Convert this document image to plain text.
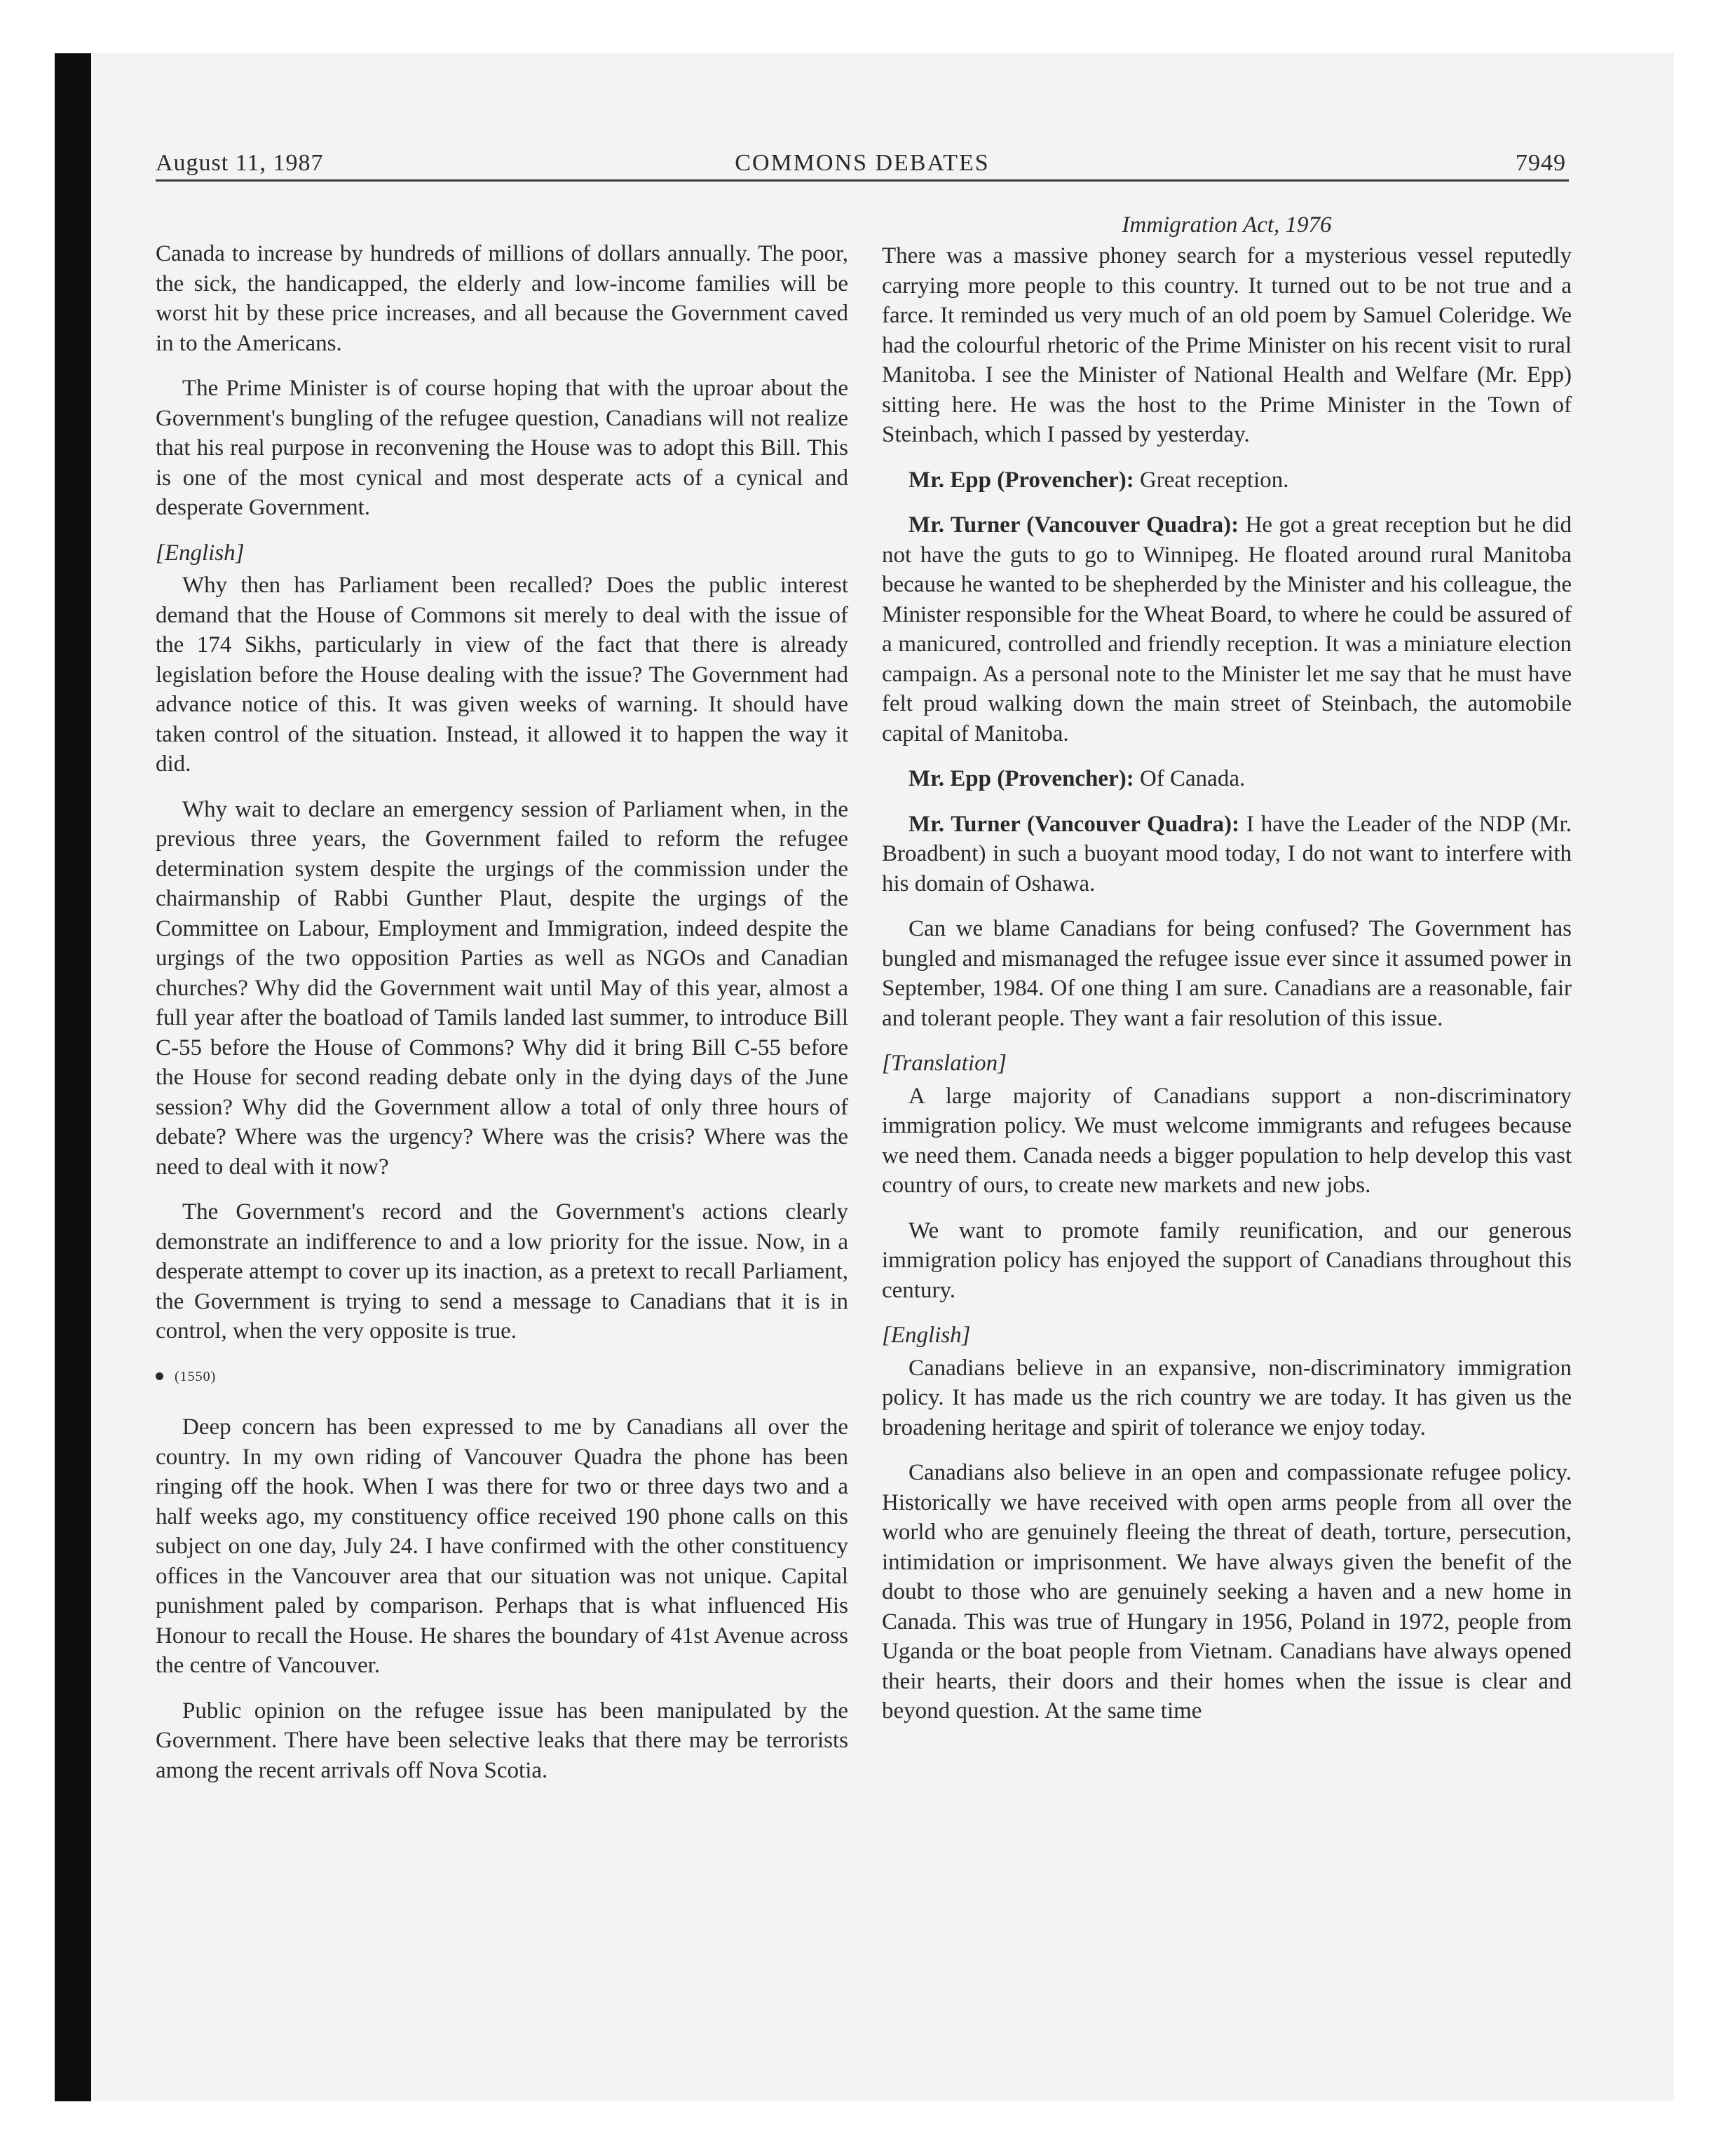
August 11, 1987	COMMONS DEBATES	7949

Canada to increase by hundreds of millions of dollars annually. The poor, the sick, the handicapped, the elderly and low-income families will be worst hit by these price increases, and all because the Government caved in to the Americans.

The Prime Minister is of course hoping that with the uproar about the Government's bungling of the refugee question, Canadians will not realize that his real purpose in reconvening the House was to adopt this Bill. This is one of the most cynical and most desperate acts of a cynical and desperate Government.

[English]

Why then has Parliament been recalled? Does the public interest demand that the House of Commons sit merely to deal with the issue of the 174 Sikhs, particularly in view of the fact that there is already legislation before the House dealing with the issue? The Government had advance notice of this. It was given weeks of warning. It should have taken control of the situation. Instead, it allowed it to happen the way it did.

Why wait to declare an emergency session of Parliament when, in the previous three years, the Government failed to reform the refugee determination system despite the urgings of the commission under the chairmanship of Rabbi Gunther Plaut, despite the urgings of the Committee on Labour, Employment and Immigration, indeed despite the urgings of the two opposition Parties as well as NGOs and Canadian churches? Why did the Government wait until May of this year, almost a full year after the boatload of Tamils landed last summer, to introduce Bill C-55 before the House of Commons? Why did it bring Bill C-55 before the House for second reading debate only in the dying days of the June session? Why did the Government allow a total of only three hours of debate? Where was the urgency? Where was the crisis? Where was the need to deal with it now?

The Government's record and the Government's actions clearly demonstrate an indifference to and a low priority for the issue. Now, in a desperate attempt to cover up its inaction, as a pretext to recall Parliament, the Government is trying to send a message to Canadians that it is in control, when the very opposite is true.

(1550)

Deep concern has been expressed to me by Canadians all over the country. In my own riding of Vancouver Quadra the phone has been ringing off the hook. When I was there for two or three days two and a half weeks ago, my constituency office received 190 phone calls on this subject on one day, July 24. I have confirmed with the other constituency offices in the Vancouver area that our situation was not unique. Capital punishment paled by comparison. Perhaps that is what influenced His Honour to recall the House. He shares the boundary of 41st Avenue across the centre of Vancouver.

Public opinion on the refugee issue has been manipulated by the Government. There have been selective leaks that there may be terrorists among the recent arrivals off Nova Scotia.

Immigration Act, 1976

There was a massive phoney search for a mysterious vessel reputedly carrying more people to this country. It turned out to be not true and a farce. It reminded us very much of an old poem by Samuel Coleridge. We had the colourful rhetoric of the Prime Minister on his recent visit to rural Manitoba. I see the Minister of National Health and Welfare (Mr. Epp) sitting here. He was the host to the Prime Minister in the Town of Steinbach, which I passed by yesterday.

Mr. Epp (Provencher): Great reception.

Mr. Turner (Vancouver Quadra): He got a great reception but he did not have the guts to go to Winnipeg. He floated around rural Manitoba because he wanted to be shepherded by the Minister and his colleague, the Minister responsible for the Wheat Board, to where he could be assured of a manicured, controlled and friendly reception. It was a miniature election campaign. As a personal note to the Minister let me say that he must have felt proud walking down the main street of Steinbach, the automobile capital of Manitoba.

Mr. Epp (Provencher): Of Canada.

Mr. Turner (Vancouver Quadra): I have the Leader of the NDP (Mr. Broadbent) in such a buoyant mood today, I do not want to interfere with his domain of Oshawa.

Can we blame Canadians for being confused? The Government has bungled and mismanaged the refugee issue ever since it assumed power in September, 1984. Of one thing I am sure. Canadians are a reasonable, fair and tolerant people. They want a fair resolution of this issue.

[Translation]

A large majority of Canadians support a non-discriminatory immigration policy. We must welcome immigrants and refugees because we need them. Canada needs a bigger population to help develop this vast country of ours, to create new markets and new jobs.

We want to promote family reunification, and our generous immigration policy has enjoyed the support of Canadians throughout this century.

[English]

Canadians believe in an expansive, non-discriminatory immigration policy. It has made us the rich country we are today. It has given us the broadening heritage and spirit of tolerance we enjoy today.

Canadians also believe in an open and compassionate refugee policy. Historically we have received with open arms people from all over the world who are genuinely fleeing the threat of death, torture, persecution, intimidation or imprisonment. We have always given the benefit of the doubt to those who are genuinely seeking a haven and a new home in Canada. This was true of Hungary in 1956, Poland in 1972, people from Uganda or the boat people from Vietnam. Canadians have always opened their hearts, their doors and their homes when the issue is clear and beyond question. At the same time
